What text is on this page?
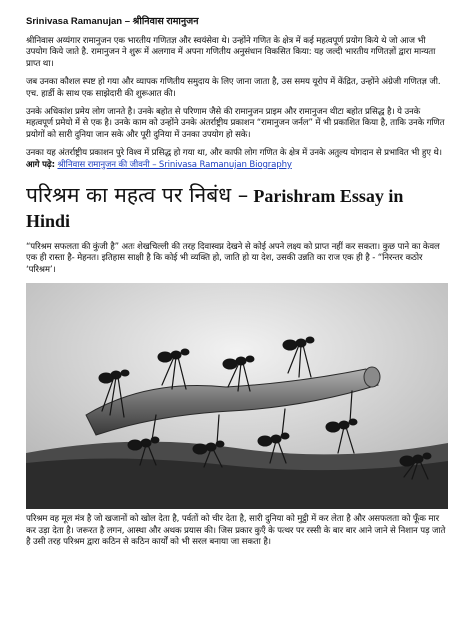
Srinivasa Ramanujan – श्रीनिवास रामानुजन

श्रीनिवास अय्यंगार रामानुजन एक भारतीय गणितज्ञ और स्वयंसेवा थे। उन्होंने गणित के क्षेत्र में कई महत्वपूर्ण प्रयोग किये थे जो आज भी उपयोग किये जाते है. रामानुजन ने शुरू में अलगाव में अपना गणितीय अनुसंधान विकसित किया: यह जल्दी भारतीय गणितज्ञों द्वारा मान्यता प्राप्त था।

जब उनका कौशल स्पष्ट हो गया और व्यापक गणितीय समुदाय के लिए जाना जाता है, उस समय यूरोप में केंद्रित, उन्होंने अंग्रेजी गणितज्ञ जी. एच. हार्डी के साथ एक साझेदारी की शुरूआत की।

उनके अधिकांश प्रमेय लोग जानते है। उनके बहोत से परिणाम जैसे की रामानुजन प्राइम और रामानुजन थीटा बहोत प्रसिद्ध है। ये उनके महत्वपूर्ण प्रमेयो में से एक है। उनके काम को उन्होंने उनके अंतर्राष्ट्रीय प्रकाशन “रामानुजन जर्नल” में भी प्रकाशित किया है, ताकि उनके गणित प्रयोगों को सारी दुनिया जान सके और पूरी दुनिया में उनका उपयोग हो सके।

उनका यह अंतर्राष्ट्रीय प्रकाशन पुरे विश्व में प्रसिद्ध हो गया था, और काफी लोग गणित के क्षेत्र में उनके अतुल्य योगदान से प्रभावित भी हुए थे। आगे पढ़े: श्रीनिवास रामानुजन की जीवनी – Srinivasa Ramanujan Biography

परिश्रम का महत्व पर निबंध – Parishram Essay in Hindi

“परिश्रम सफलता की कुंजी है” अतः शेखचिल्ली की तरह दिवास्वप्न देखने से कोई अपने लक्ष्य को प्राप्त नहीं कर सकता। कुछ पाने का केवल एक ही रास्ता है- मेहनत। इतिहास साक्षी है कि कोई भी व्यक्ति हो, जाति हो या देश, उसकी उन्नति का राज एक ही है - “निरन्तर कठोर ‘परिश्रम’।

परिश्रम वह मूल मंत्र है जो खजानों को खोल देता है, पर्वतों को चीर देता है, सारी दुनिया को मुट्ठी में कर लेता है और असफलता को फूँक मार कर उड़ा देता है। जरूरत है लगन, आस्था और अथक प्रयास की। जिस प्रकार कुएँ के पत्थर पर रस्सी के बार बार आने जाने से निशान पड़ जाते है उसी तरह परिश्रम द्वारा कठिन से कठिन कार्यों को भी सरल बनाया जा सकता है।
